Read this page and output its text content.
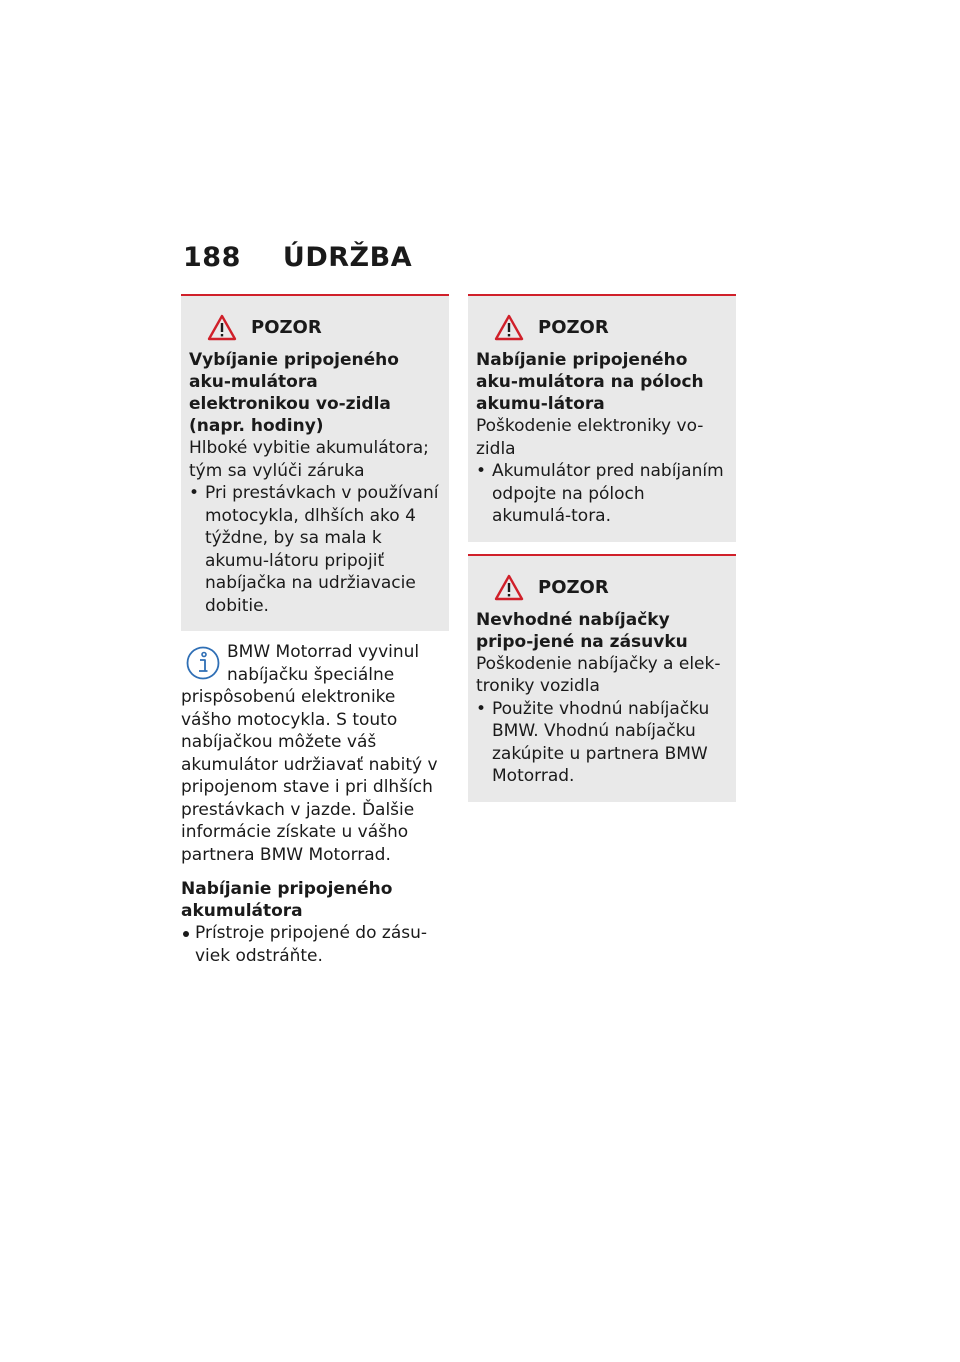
188 ÚDRŽBA
POZOR
Vybíjanie pripojeného aku-mulátora elektronikou vo-zidla (napr. hodiny)
Hlboké vybitie akumulátora; tým sa vylúči záruka
• Pri prestávkach v používaní motocykla, dlhších ako 4 týždne, by sa mala k akumu-látoru pripojiť nabíjačka na udržiavacie dobitie.
BMW Motorrad vyvinul nabíjačku špeciálne
prispôsobenú elektronike vášho motocykla. S touto nabíjačkou môžete váš akumulátor udržiavať nabitý v pripojenom stave i pri dlhších prestávkach v jazde. Ďalšie informácie získate u vášho partnera BMW Motorrad.
Nabíjanie pripojeného akumulátora
Prístroje pripojené do zásu-viek odstráňte.
POZOR
Nabíjanie pripojeného aku-mulátora na póloch akumu-látora
Poškodenie elektroniky vo-zidla
• Akumulátor pred nabíjaním odpojte na póloch akumulá-tora.
POZOR
Nevhodné nabíjačky pripo-jené na zásuvku
Poškodenie nabíjačky a elek-troniky vozidla
• Použite vhodnú nabíjačku BMW. Vhodnú nabíjačku zakúpite u partnera BMW Motorrad.
